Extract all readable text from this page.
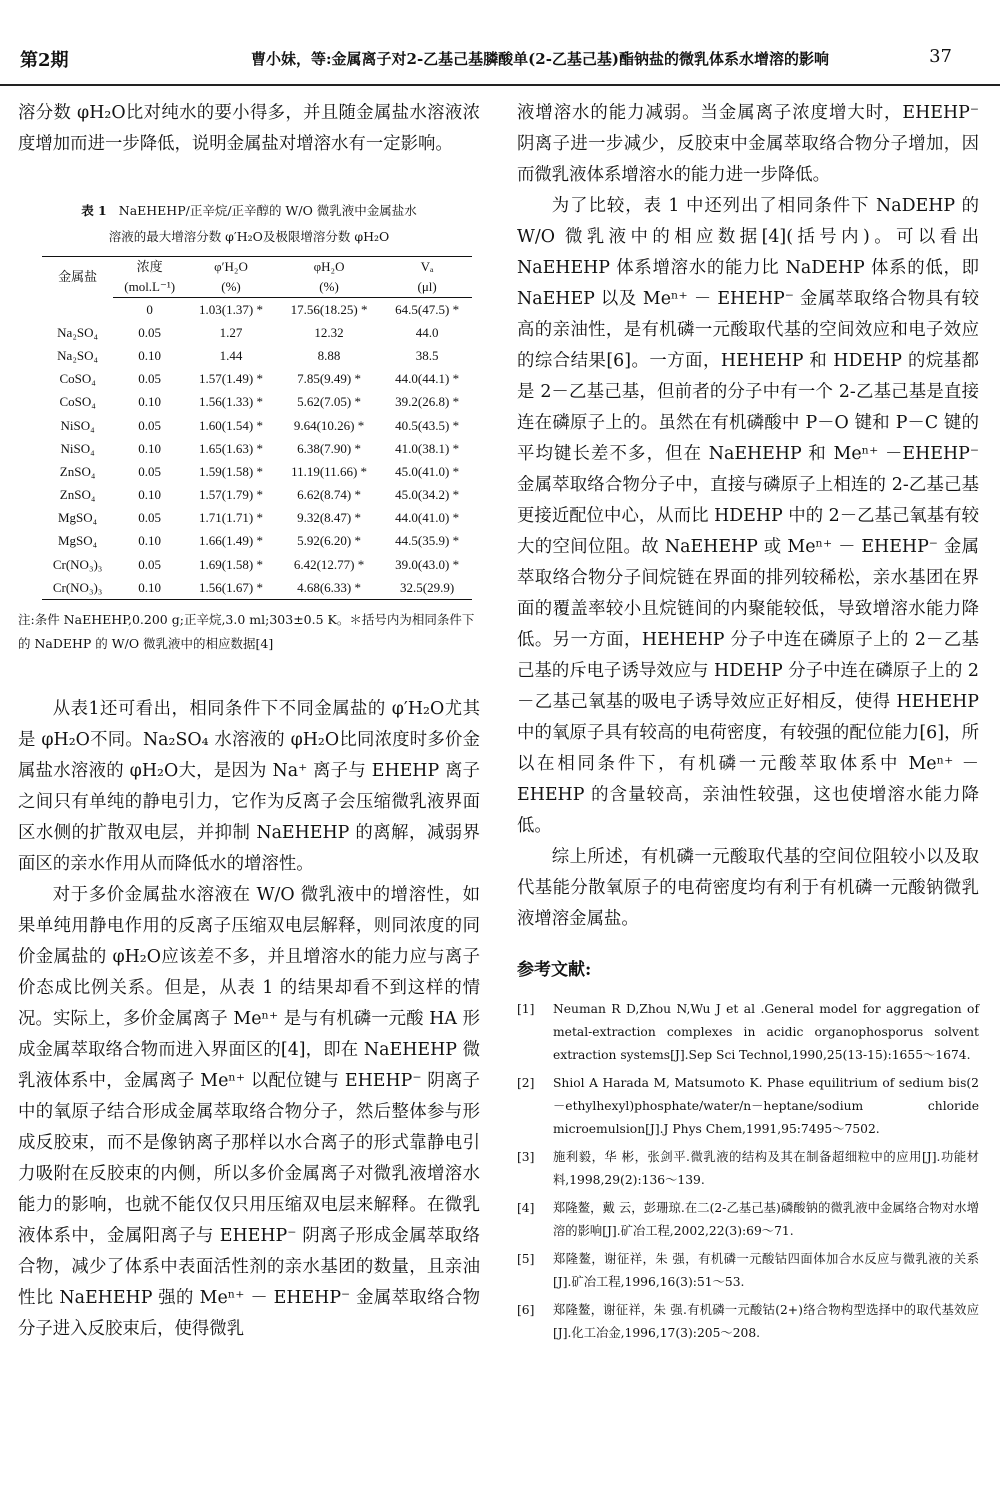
第2期	曹小妹，等:金属离子对2-乙基己基膦酸单(2-乙基己基)酯钠盐的微乳体系水增溶的影响	37

溶分数 φH₂O比对纯水的要小得多，并且随金属盐水溶液浓度增加而进一步降低，说明金属盐对增溶水有一定影响。

表 1 NaEHEHP/正辛烷/正辛醇的 W/O 微乳液中金属盐水
溶液的最大增溶分数 φ′H₂O及极限增溶分数 φH₂O
金属盐	浓度	φ′H₂O	φH₂O	Vₐ
	(mol.L⁻¹)	(%)	(%)	(μl)
	0	1.03(1.37) *	17.56(18.25) *	64.5(47.5) *
Na₂SO₄	0.05	1.27	12.32	44.0
Na₂SO₄	0.10	1.44	8.88	38.5
CoSO₄	0.05	1.57(1.49) *	7.85(9.49) *	44.0(44.1) *
CoSO₄	0.10	1.56(1.33) *	5.62(7.05) *	39.2(26.8) *
NiSO₄	0.05	1.60(1.54) *	9.64(10.26) *	40.5(43.5) *
NiSO₄	0.10	1.65(1.63) *	6.38(7.90) *	41.0(38.1) *
ZnSO₄	0.05	1.59(1.58) *	11.19(11.66) *	45.0(41.0) *
ZnSO₄	0.10	1.57(1.79) *	6.62(8.74) *	45.0(34.2) *
MgSO₄	0.05	1.71(1.71) *	9.32(8.47) *	44.0(41.0) *
MgSO₄	0.10	1.66(1.49) *	5.92(6.20) *	44.5(35.9) *
Cr(NO₃)₃	0.05	1.69(1.58) *	6.42(12.77) *	39.0(43.0) *
Cr(NO₃)₃	0.10	1.56(1.67) *	4.68(6.33) *	32.5(29.9)

注:条件 NaEHEHP,0.200 g;正辛烷,3.0 ml;303±0.5 K。＊括号内为相同条件下的 NaDEHP 的 W/O 微乳液中的相应数据[4]

从表1还可看出，相同条件下不同金属盐的 φ′H₂O尤其是 φH₂O不同。Na₂SO₄ 水溶液的 φH₂O比同浓度时多价金属盐水溶液的 φH₂O大，是因为 Na⁺ 离子与 EHEHP 离子之间只有单纯的静电引力，它作为反离子会压缩微乳液界面区水侧的扩散双电层，并抑制 NaEHEHP 的离解，减弱界面区的亲水作用从而降低水的增溶性。

对于多价金属盐水溶液在 W/O 微乳液中的增溶性，如果单纯用静电作用的反离子压缩双电层解释，则同浓度的同价金属盐的 φH₂O应该差不多，并且增溶水的能力应与离子价态成比例关系。但是，从表 1 的结果却看不到这样的情况。实际上，多价金属离子 Meⁿ⁺ 是与有机磷一元酸 HA 形成金属萃取络合物而进入界面区的[4]，即在 NaEHEHP 微乳液体系中，金属离子 Meⁿ⁺ 以配位键与 EHEHP⁻ 阴离子中的氧原子结合形成金属萃取络合物分子，然后整体参与形成反胶束，而不是像钠离子那样以水合离子的形式靠静电引力吸附在反胶束的内侧，所以多价金属离子对微乳液增溶水能力的影响，也就不能仅仅只用压缩双电层来解释。在微乳液体系中，金属阳离子与 EHEHP⁻ 阴离子形成金属萃取络合物，减少了体系中表面活性剂的亲水基团的数量，且亲油性比 NaEHEHP 强的 Meⁿ⁺ － EHEHP⁻ 金属萃取络合物分子进入反胶束后，使得微乳

液增溶水的能力减弱。当金属离子浓度增大时，EHEHP⁻ 阴离子进一步减少，反胶束中金属萃取络合物分子增加，因而微乳液体系增溶水的能力进一步降低。

为了比较，表 1 中还列出了相同条件下 NaDEHP 的 W/O 微乳液中的相应数据[4](括号内)。可以看出 NaEHEHP 体系增溶水的能力比 NaDEHP 体系的低，即 NaEHEP 以及 Meⁿ⁺ － EHEHP⁻ 金属萃取络合物具有较高的亲油性，是有机磷一元酸取代基的空间效应和电子效应的综合结果[6]。一方面，HEHEHP 和 HDEHP 的烷基都是 2－乙基己基，但前者的分子中有一个 2-乙基己基是直接连在磷原子上的。虽然在有机磷酸中 P－O 键和 P－C 键的平均键长差不多，但在 NaEHEHP 和 Meⁿ⁺ －EHEHP⁻ 金属萃取络合物分子中，直接与磷原子上相连的 2-乙基己基更接近配位中心，从而比 HDEHP 中的 2－乙基己氧基有较大的空间位阻。故 NaEHEHP 或 Meⁿ⁺ － EHEHP⁻ 金属萃取络合物分子间烷链在界面的排列较稀松，亲水基团在界面的覆盖率较小且烷链间的内聚能较低，导致增溶水能力降低。另一方面，HEHEHP 分子中连在磷原子上的 2－乙基己基的斥电子诱导效应与 HDEHP 分子中连在磷原子上的 2－乙基己氧基的吸电子诱导效应正好相反，使得 HEHEHP 中的氧原子具有较高的电荷密度，有较强的配位能力[6]，所以在相同条件下，有机磷一元酸萃取体系中 Meⁿ⁺ －EHEHP 的含量较高，亲油性较强，这也使增溶水能力降低。

综上所述，有机磷一元酸取代基的空间位阻较小以及取代基能分散氧原子的电荷密度均有利于有机磷一元酸钠微乳液增溶金属盐。

参考文献:
[1]	Neuman R D,Zhou N,Wu J et al .General model for aggregation of metal-extraction complexes in acidic organophosporus solvent extraction systems[J].Sep Sci Technol,1990,25(13-15):1655～1674.
[2]	Shiol A Harada M, Matsumoto K. Phase equilitrium of sedium bis(2－ethylhexyl)phosphate/water/n－heptane/sodium chloride microemulsion[J].J Phys Chem,1991,95:7495～7502.
[3]	施利毅，华 彬，张剑平.微乳液的结构及其在制备超细粒中的应用[J].功能材料,1998,29(2):136～139.
[4]	郑隆鳌，戴 云，彭珊琼.在二(2-乙基己基)磷酸钠的微乳液中金属络合物对水增溶的影响[J].矿冶工程,2002,22(3):69～71.
[5]	郑隆鳌，谢征祥，朱 强，有机磷一元酸钴四面体加合水反应与微乳液的关系[J].矿冶工程,1996,16(3):51～53.
[6]	郑隆鳌，谢征祥，朱 强.有机磷一元酸钴(2+)络合物构型选择中的取代基效应[J].化工冶金,1996,17(3):205～208.
